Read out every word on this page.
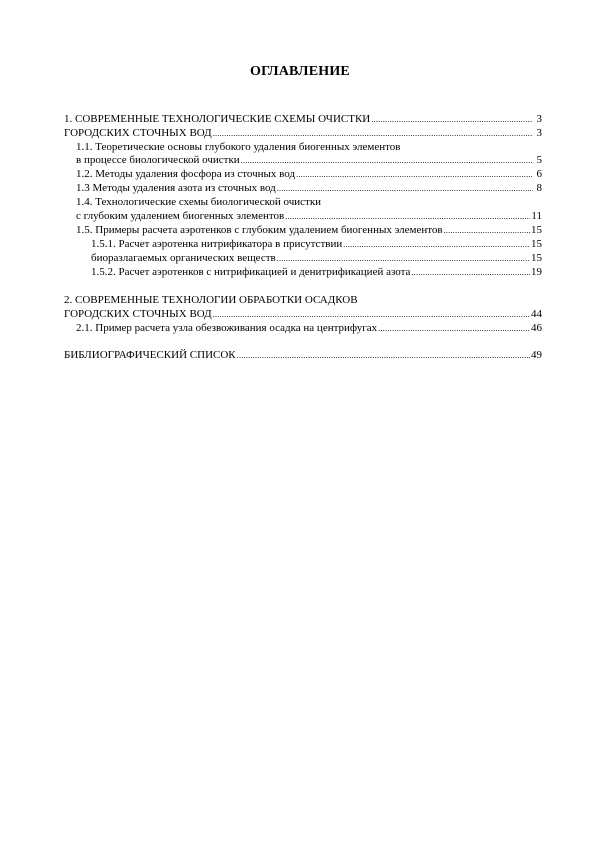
ОГЛАВЛЕНИЕ
1. СОВРЕМЕННЫЕ ТЕХНОЛОГИЧЕСКИЕ СХЕМЫ ОЧИСТКИ .....	3
ГОРОДСКИХ СТОЧНЫХ ВОД .....	3
1.1. Теоретические основы глубокого удаления биогенных элементов
в процессе биологической очистки .....	5
1.2. Методы удаления фосфора из сточных вод .....	6
1.3 Методы удаления азота из сточных вод .....	8
1.4. Технологические схемы биологической очистки
с глубоким удалением биогенных элементов .....	11
1.5. Примеры расчета аэротенков с глубоким удалением биогенных элементов .....	15
1.5.1. Расчет аэротенка нитрификатора в присутствии .....	15
биоразлагаемых органических веществ .....	15
1.5.2. Расчет аэротенков с нитрификацией и денитрификацией азота .....	19
2. СОВРЕМЕННЫЕ ТЕХНОЛОГИИ ОБРАБОТКИ ОСАДКОВ
ГОРОДСКИХ СТОЧНЫХ ВОД .....	44
2.1. Пример расчета узла обезвоживания осадка на центрифугах .....	46
БИБЛИОГРАФИЧЕСКИЙ СПИСОК .....	49
